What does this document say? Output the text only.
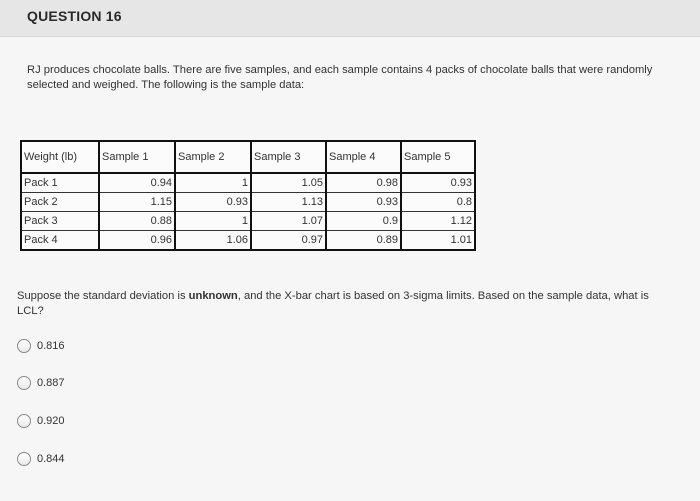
QUESTION 16
RJ produces chocolate balls. There are five samples, and each sample contains 4 packs of chocolate balls that were randomly selected and weighed. The following is the sample data:
Weight (lb)	Sample 1	Sample 2	Sample 3	Sample 4	Sample 5
Pack 1	0.94	1	1.05	0.98	0.93
Pack 2	1.15	0.93	1.13	0.93	0.8
Pack 3	0.88	1	1.07	0.9	1.12
Pack 4	0.96	1.06	0.97	0.89	1.01
Suppose the standard deviation is unknown, and the X-bar chart is based on 3-sigma limits. Based on the sample data, what is LCL?
0.816
0.887
0.920
0.844
